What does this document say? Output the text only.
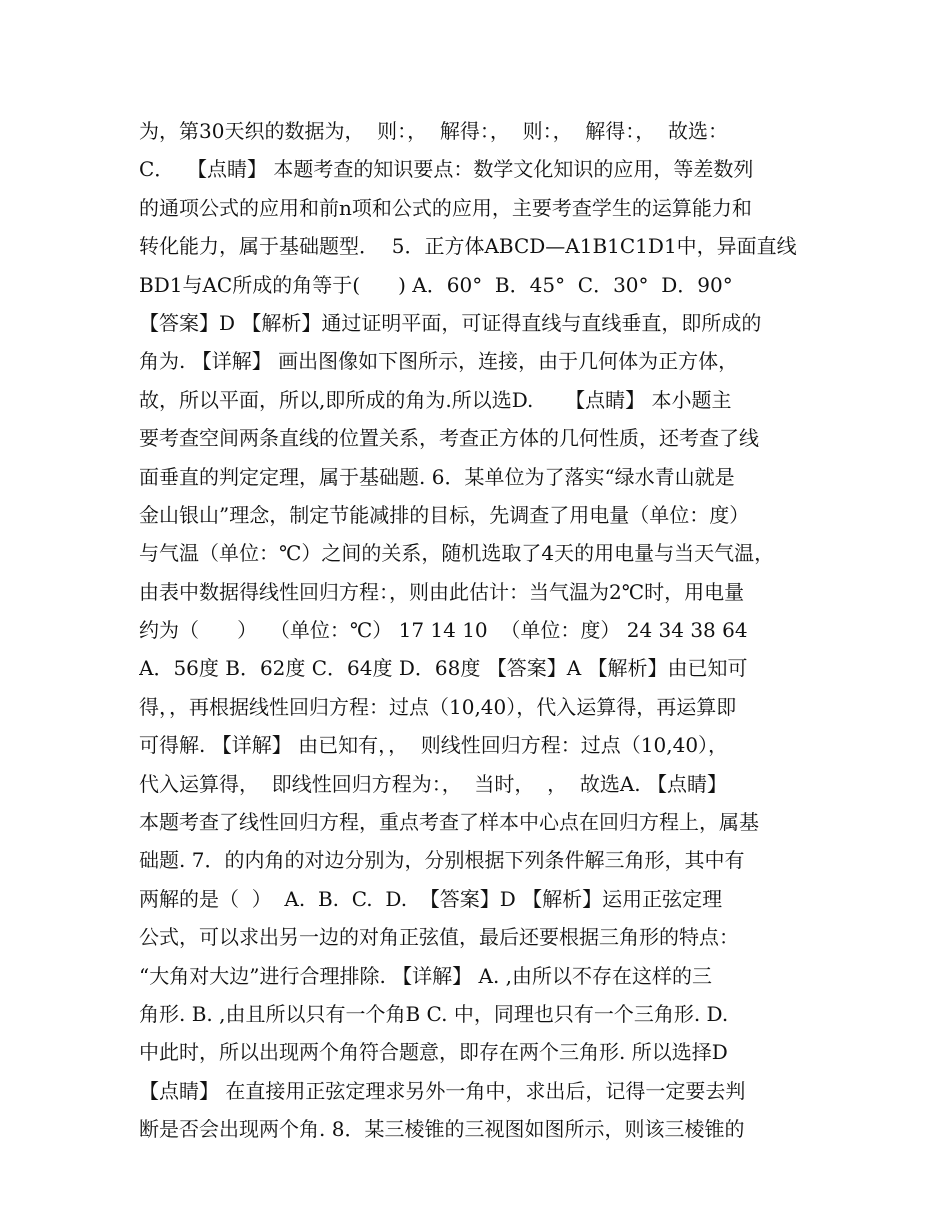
为，第30天织的数据为，  则：，  解得：，  则：，  解得：，  故选：
C．  【点睛】 本题考查的知识要点：数学文化知识的应用，等差数列
的通项公式的应用和前n项和公式的应用，主要考查学生的运算能力和
转化能力，属于基础题型．  5．正方体ABCD—A1B1C1D1中，异面直线
BD1与AC所成的角等于(      ) A．60°  B．45°  C．30°  D．90°
【答案】D 【解析】通过证明平面，可证得直线与直线垂直，即所成的
角为. 【详解】 画出图像如下图所示，连接，由于几何体为正方体，
故，所以平面，所以,即所成的角为.所以选D.     【点睛】 本小题主
要考查空间两条直线的位置关系，考查正方体的几何性质，还考查了线
面垂直的判定定理，属于基础题. 6．某单位为了落实“绿水青山就是
金山银山”理念，制定节能减排的目标，先调查了用电量（单位：度）
与气温（单位：℃）之间的关系，随机选取了4天的用电量与当天气温，
由表中数据得线性回归方程：，则由此估计：当气温为2℃时，用电量
约为（      ）  （单位：℃） 17 14 10  （单位：度） 24 34 38 64
A．56度 B．62度 C．64度 D．68度 【答案】A 【解析】由已知可
得，，再根据线性回归方程：过点（10,40），代入运算得，再运算即
可得解. 【详解】 由已知有，，  则线性回归方程：过点（10,40），
代入运算得，  即线性回归方程为：，  当时，  ，  故选A. 【点睛】
本题考查了线性回归方程，重点考查了样本中心点在回归方程上，属基
础题. 7．的内角的对边分别为，分别根据下列条件解三角形，其中有
两解的是（  ）  A.  B.  C.  D.  【答案】D 【解析】运用正弦定理
公式，可以求出另一边的对角正弦值，最后还要根据三角形的特点：
“大角对大边”进行合理排除. 【详解】 A. ,由所以不存在这样的三
角形. B. ,由且所以只有一个角B C. 中，同理也只有一个三角形. D.
中此时，所以出现两个角符合题意，即存在两个三角形. 所以选择D
【点睛】 在直接用正弦定理求另外一角中，求出后，记得一定要去判
断是否会出现两个角. 8．某三棱锥的三视图如图所示，则该三棱锥的
